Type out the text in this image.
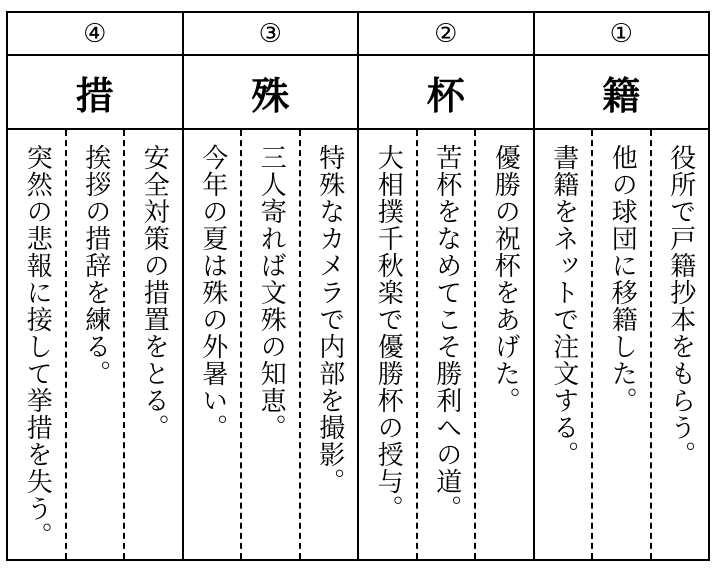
④
措
突然の悲報に接して挙措を失う。 挨拶の措辞を練る。 安全対策の措置をとる。
③
殊
今年の夏は殊の外暑い。 三人寄れば文殊の知恵。 特殊なカメラで内部を撮影。
②
杯
大相撲千秋楽で優勝杯の授与。 苦杯をなめてこそ勝利への道。 優勝の祝杯をあげた。
①
籍
書籍をネットで注文する。 他の球団に移籍した。 役所で戸籍抄本をもらう。
